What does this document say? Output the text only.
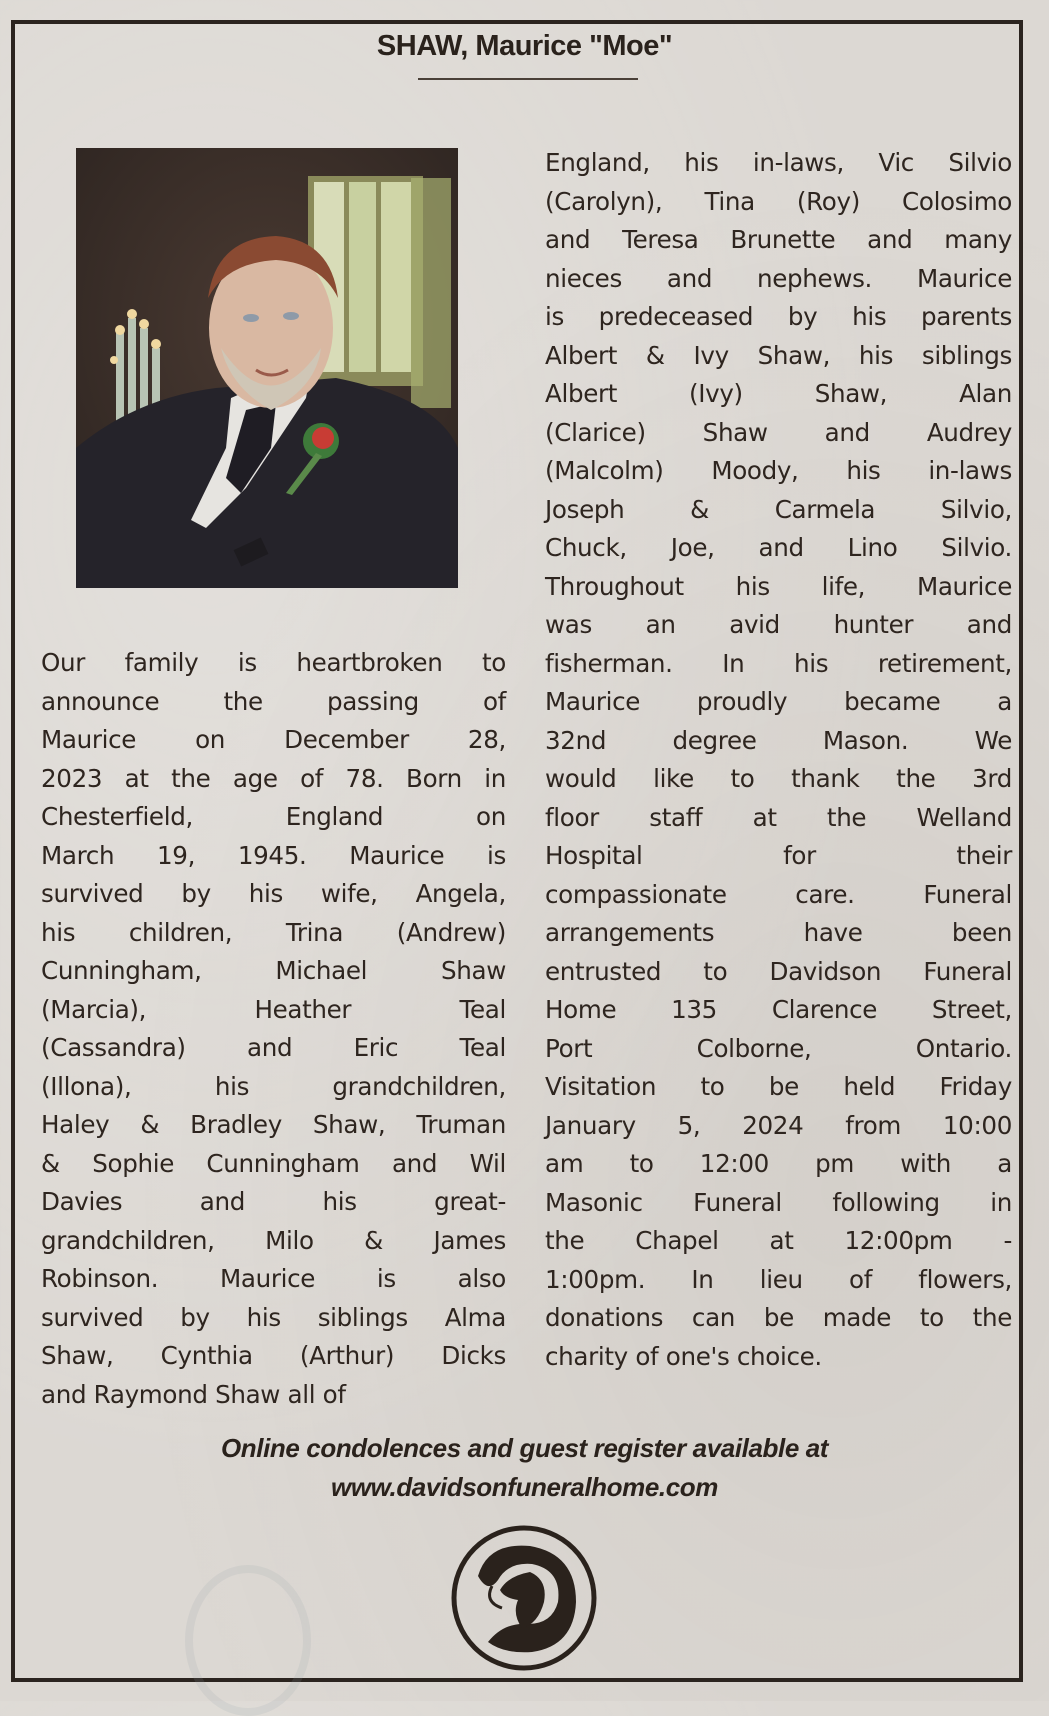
SHAW, Maurice "Moe"
Our family is heartbroken to
announce the passing of
Maurice on December 28,
2023 at the age of 78. Born in
Chesterfield, England on
March 19, 1945. Maurice is
survived by his wife, Angela,
his children, Trina (Andrew)
Cunningham, Michael Shaw
(Marcia), Heather Teal
(Cassandra) and Eric Teal
(Illona), his grandchildren,
Haley & Bradley Shaw, Truman
& Sophie Cunningham and Wil
Davies and his great-
grandchildren, Milo & James
Robinson. Maurice is also
survived by his siblings Alma
Shaw, Cynthia (Arthur) Dicks
and Raymond Shaw all of
England, his in-laws, Vic Silvio
(Carolyn), Tina (Roy) Colosimo
and Teresa Brunette and many
nieces and nephews. Maurice
is predeceased by his parents
Albert & Ivy Shaw, his siblings
Albert (Ivy) Shaw, Alan
(Clarice) Shaw and Audrey
(Malcolm) Moody, his in-laws
Joseph & Carmela Silvio,
Chuck, Joe, and Lino Silvio.
Throughout his life, Maurice
was an avid hunter and
fisherman. In his retirement,
Maurice proudly became a
32nd degree Mason. We
would like to thank the 3rd
floor staff at the Welland
Hospital for their
compassionate care. Funeral
arrangements have been
entrusted to Davidson Funeral
Home 135 Clarence Street,
Port Colborne, Ontario.
Visitation to be held Friday
January 5, 2024 from 10:00
am to 12:00 pm with a
Masonic Funeral following in
the Chapel at 12:00pm -
1:00pm. In lieu of flowers,
donations can be made to the
charity of one's choice.
Online condolences and guest register available at
www.davidsonfuneralhome.com
